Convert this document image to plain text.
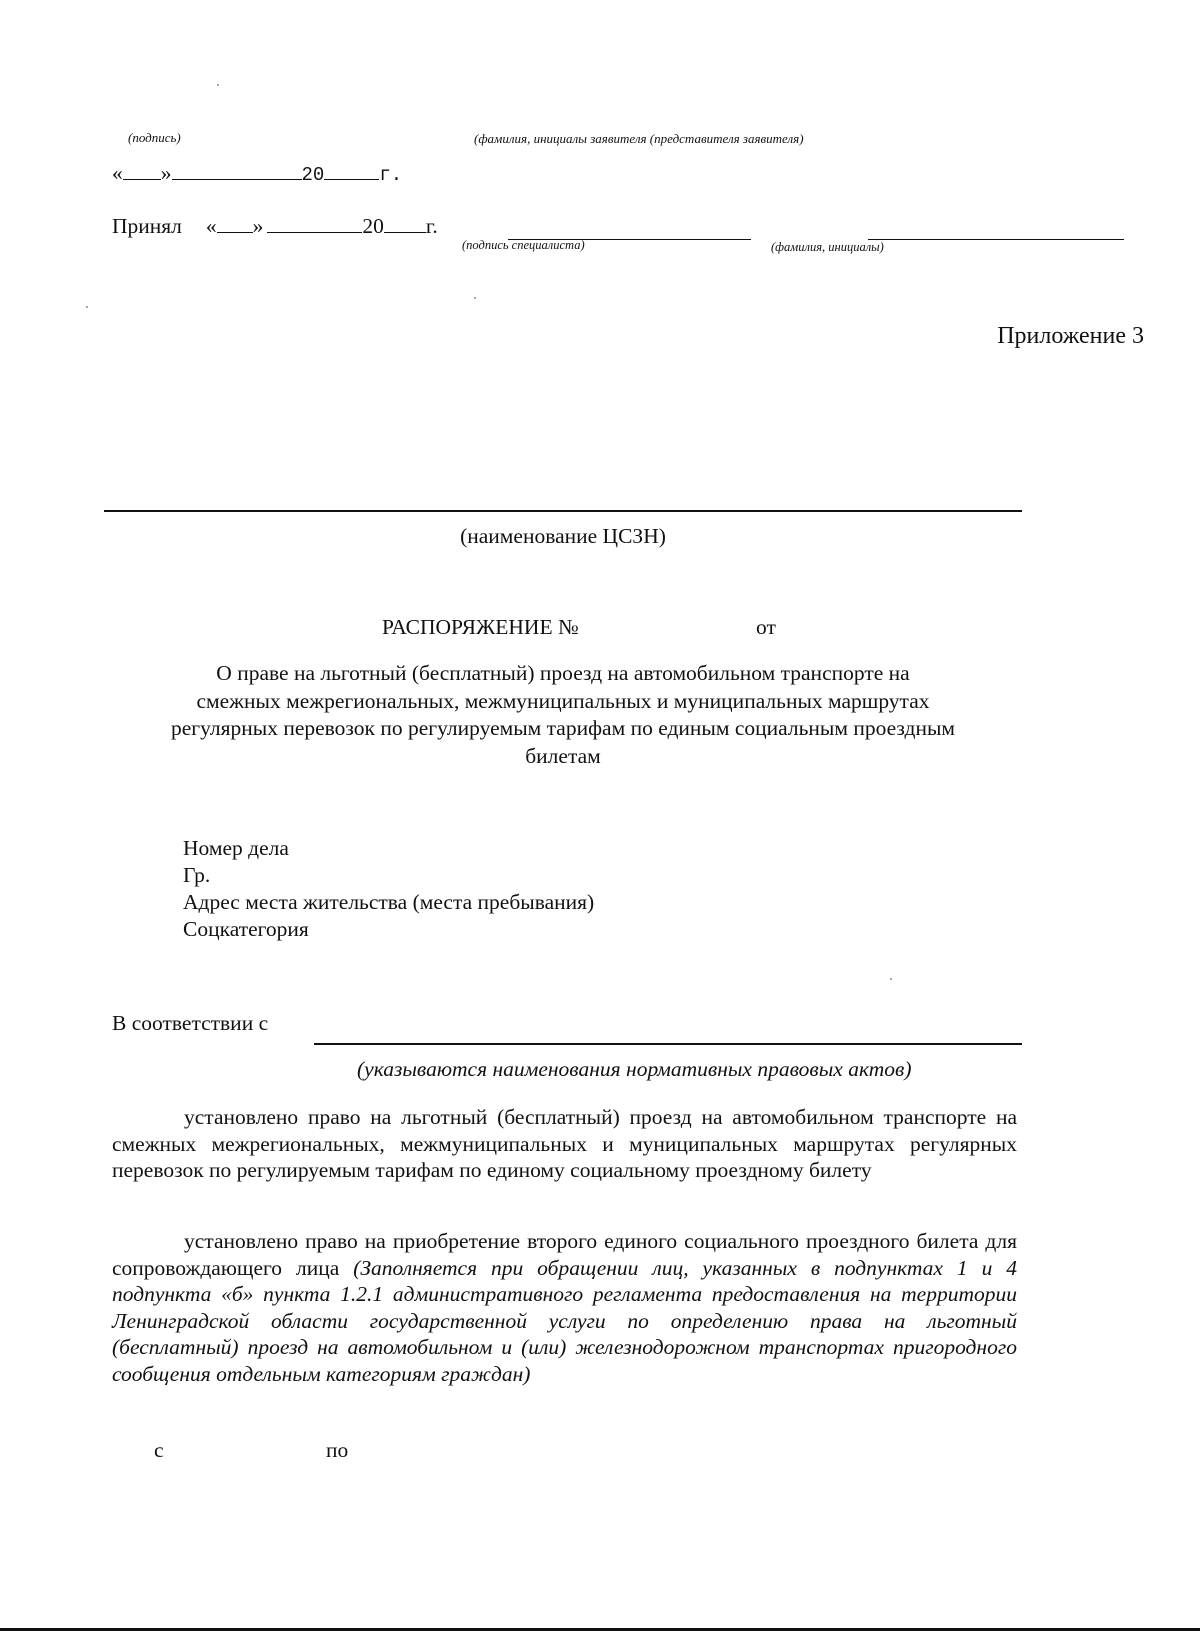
(подпись)	(фамилия, инициалы заявителя (представителя заявителя)
« »	20	г.
Принял « »	20 г.
(подпись специалиста)	(фамилия, инициалы)
Приложение 3
(наименование ЦСЗН)
РАСПОРЯЖЕНИЕ №	от
О праве на льготный (бесплатный) проезд на автомобильном транспорте на
смежных межрегиональных, межмуниципальных и муниципальных маршрутах
регулярных перевозок по регулируемым тарифам по единым социальным проездным
билетам
Номер дела
Гр.
Адрес места жительства (места пребывания)
Соцкатегория
В соответствии с
(указываются наименования нормативных правовых актов)
установлено право на льготный (бесплатный) проезд на автомобильном транспорте на смежных межрегиональных, межмуниципальных и муниципальных маршрутах регулярных перевозок по регулируемым тарифам по единому социальному проездному билету
установлено право на приобретение второго единого социального проездного билета для сопровождающего лица (Заполняется при обращении лиц, указанных в подпунктах 1 и 4 подпункта «б» пункта 1.2.1 административного регламента предоставления на территории Ленинградской области государственной услуги по определению права на льготный (бесплатный) проезд на автомобильном и (или) железнодорожном транспортах пригородного сообщения отдельным категориям граждан)
с	по
